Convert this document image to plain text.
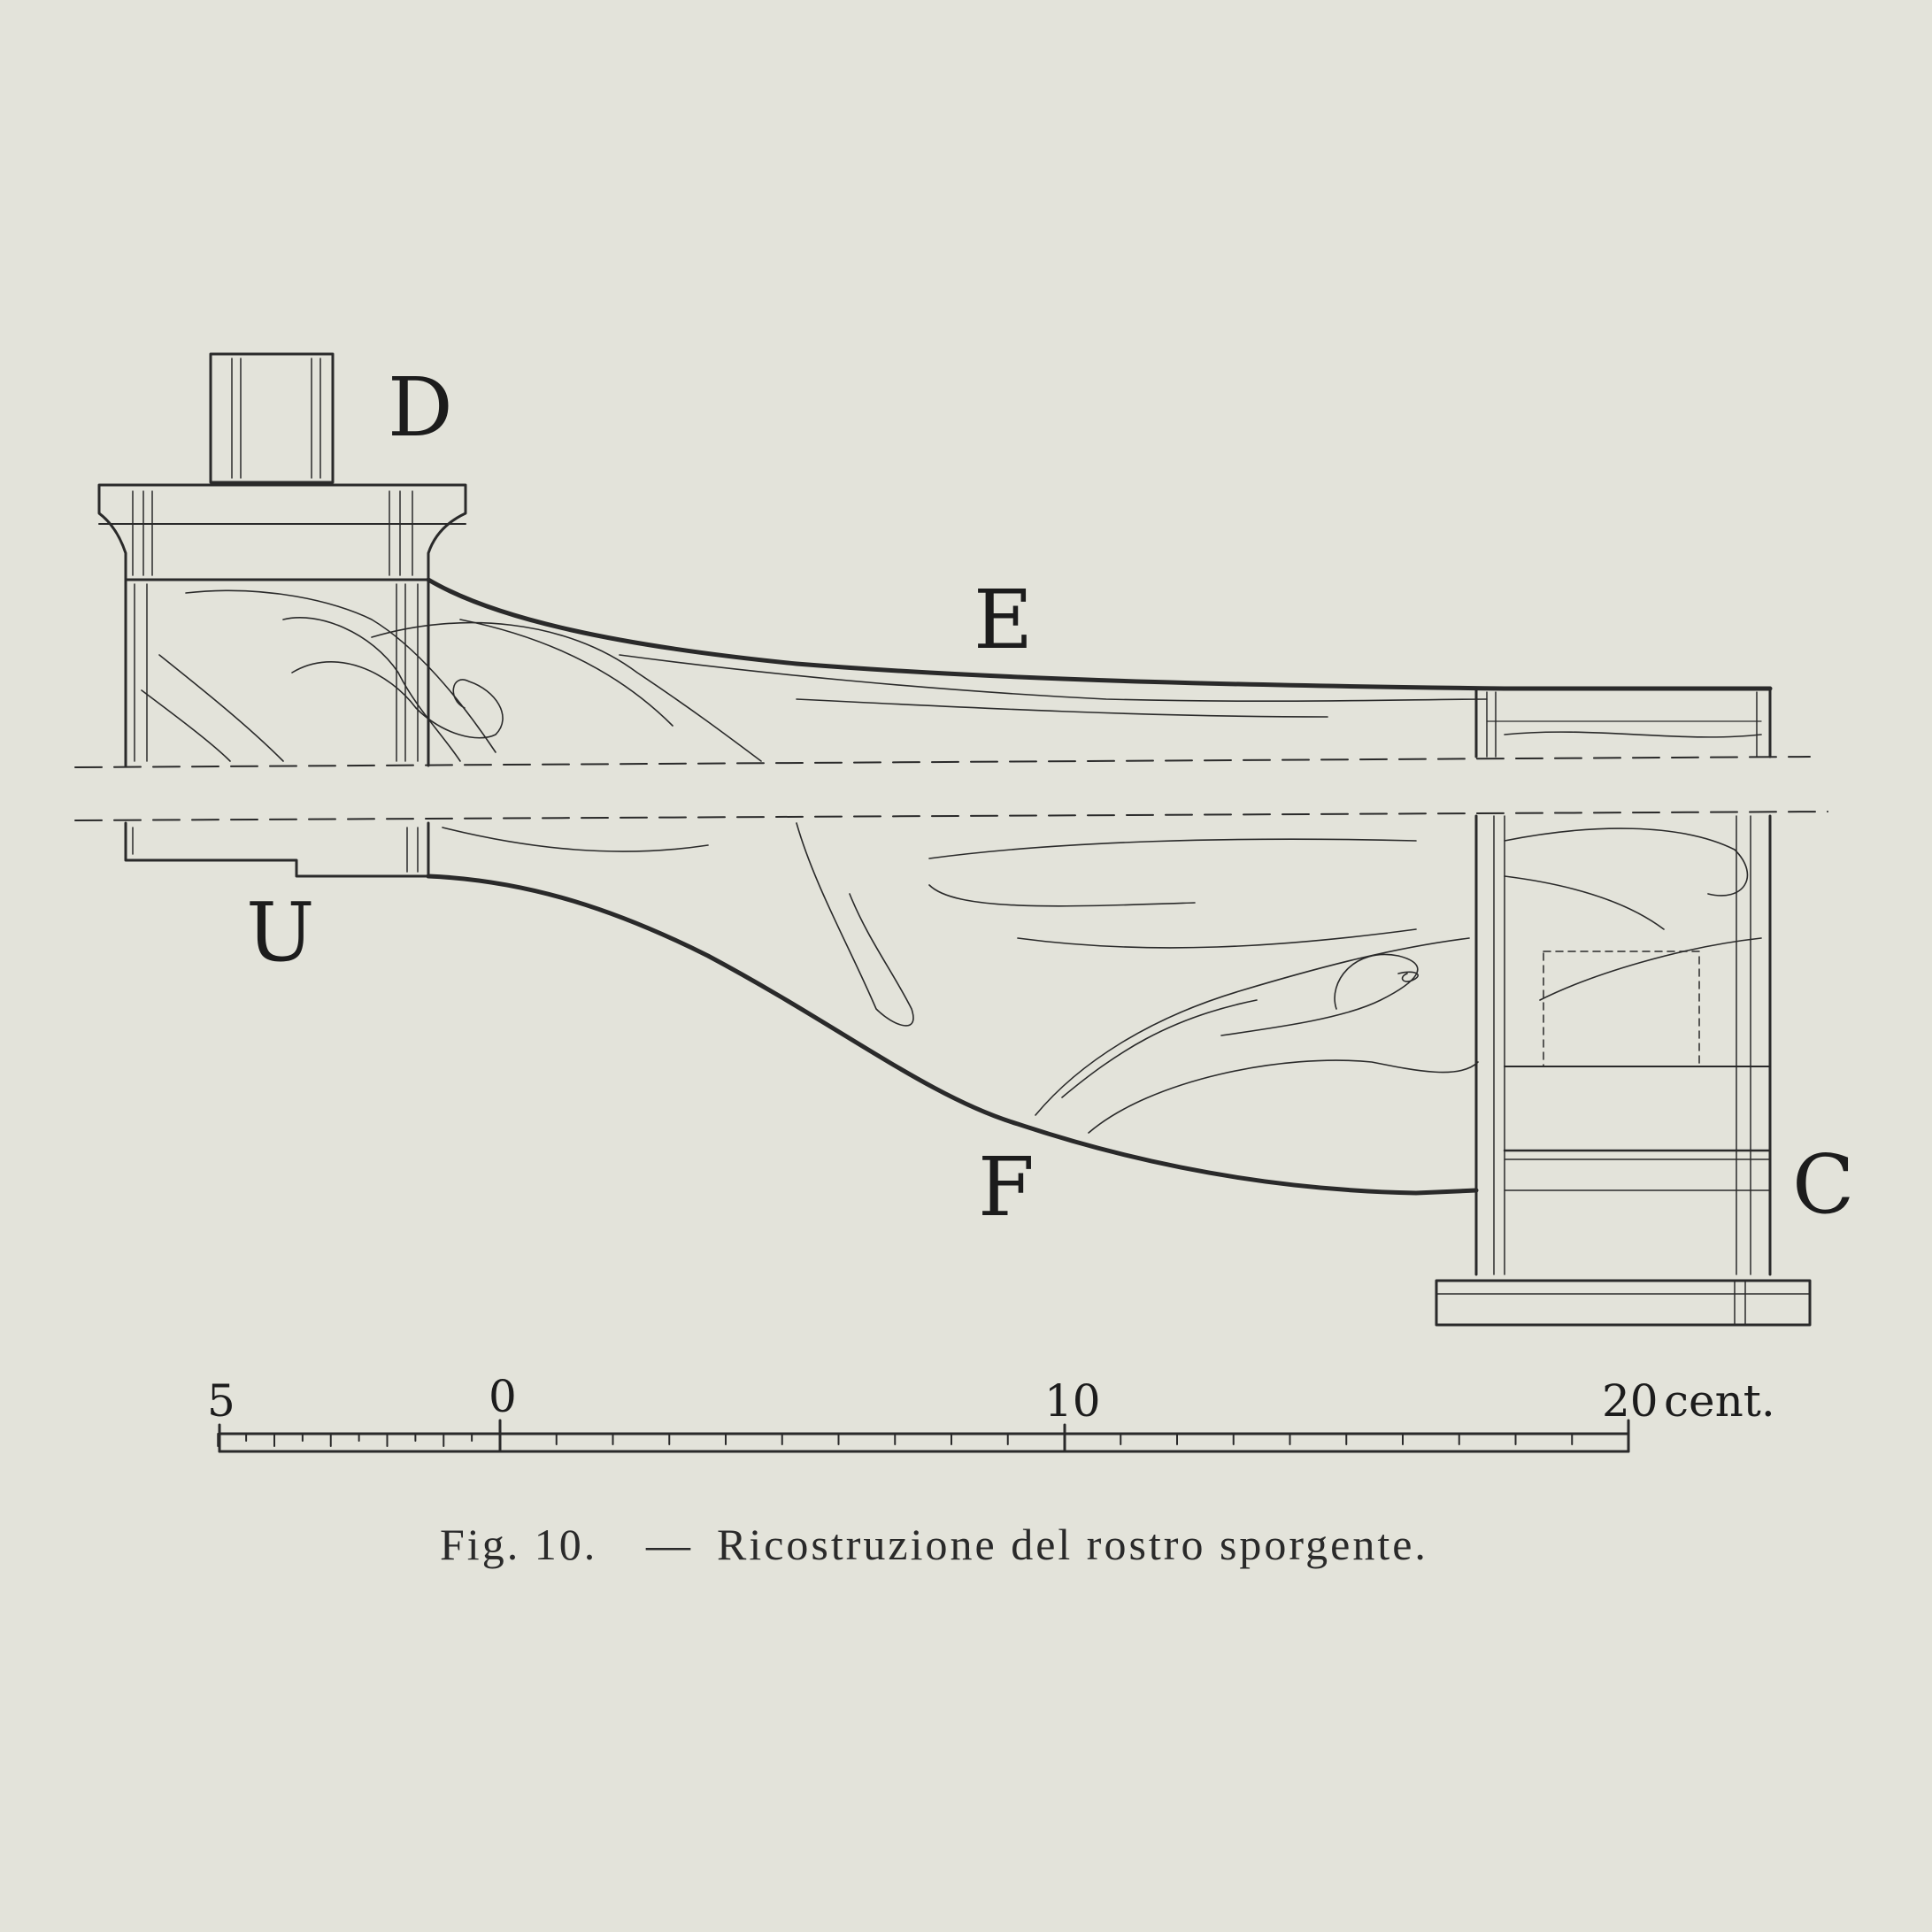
D
E
U
F	C
5	0	10	20 cent.
Fig. 10. — Ricostruzione del rostro sporgente.
